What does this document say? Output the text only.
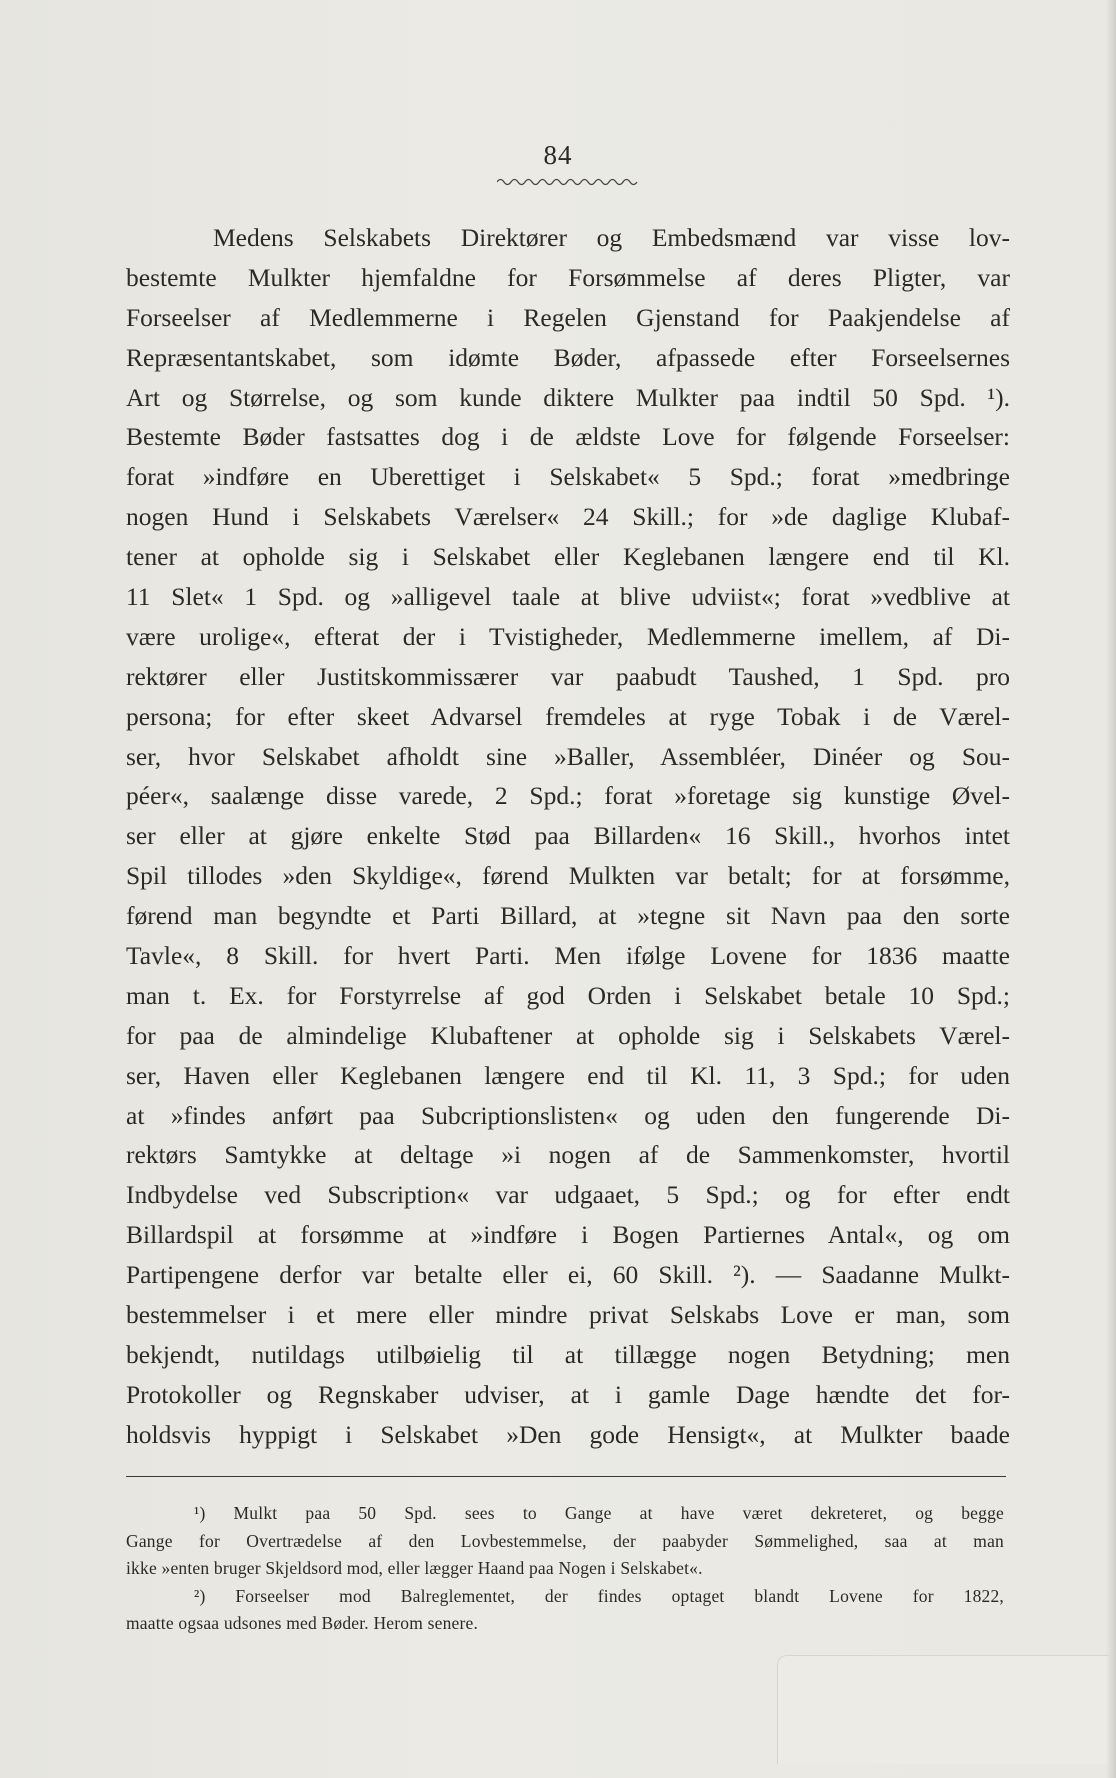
84
Medens Selskabets Direktører og Embedsmænd var visse lov-
bestemte Mulkter hjemfaldne for Forsømmelse af deres Pligter, var
Forseelser af Medlemmerne i Regelen Gjenstand for Paakjendelse af
Repræsentantskabet, som idømte Bøder, afpassede efter Forseelsernes
Art og Størrelse, og som kunde diktere Mulkter paa indtil 50 Spd. ¹).
Bestemte Bøder fastsattes dog i de ældste Love for følgende Forseelser:
forat »indføre en Uberettiget i Selskabet« 5 Spd.; forat »medbringe
nogen Hund i Selskabets Værelser« 24 Skill.; for »de daglige Klubaf-
tener at opholde sig i Selskabet eller Keglebanen længere end til Kl.
11 Slet« 1 Spd. og »alligevel taale at blive udviist«; forat »vedblive at
være urolige«, efterat der i Tvistigheder, Medlemmerne imellem, af Di-
rektører eller Justitskommissærer var paabudt Taushed, 1 Spd. pro
persona; for efter skeet Advarsel fremdeles at ryge Tobak i de Værel-
ser, hvor Selskabet afholdt sine »Baller, Assembléer, Dinéer og Sou-
péer«, saalænge disse varede, 2 Spd.; forat »foretage sig kunstige Øvel-
ser eller at gjøre enkelte Stød paa Billarden« 16 Skill., hvorhos intet
Spil tillodes »den Skyldige«, førend Mulkten var betalt; for at forsømme,
førend man begyndte et Parti Billard, at »tegne sit Navn paa den sorte
Tavle«, 8 Skill. for hvert Parti. Men ifølge Lovene for 1836 maatte
man t. Ex. for Forstyrrelse af god Orden i Selskabet betale 10 Spd.;
for paa de almindelige Klubaftener at opholde sig i Selskabets Værel-
ser, Haven eller Keglebanen længere end til Kl. 11, 3 Spd.; for uden
at »findes anført paa Subcriptionslisten« og uden den fungerende Di-
rektørs Samtykke at deltage »i nogen af de Sammenkomster, hvortil
Indbydelse ved Subscription« var udgaaet, 5 Spd.; og for efter endt
Billardspil at forsømme at »indføre i Bogen Partiernes Antal«, og om
Partipengene derfor var betalte eller ei, 60 Skill. ²). — Saadanne Mulkt-
bestemmelser i et mere eller mindre privat Selskabs Love er man, som
bekjendt, nutildags utilbøielig til at tillægge nogen Betydning; men
Protokoller og Regnskaber udviser, at i gamle Dage hændte det for-
holdsvis hyppigt i Selskabet »Den gode Hensigt«, at Mulkter baade
¹) Mulkt paa 50 Spd. sees to Gange at have været dekreteret, og begge
Gange for Overtrædelse af den Lovbestemmelse, der paabyder Sømmelighed, saa at man
ikke »enten bruger Skjeldsord mod, eller lægger Haand paa Nogen i Selskabet«.
²) Forseelser mod Balreglementet, der findes optaget blandt Lovene for 1822,
maatte ogsaa udsones med Bøder. Herom senere.
